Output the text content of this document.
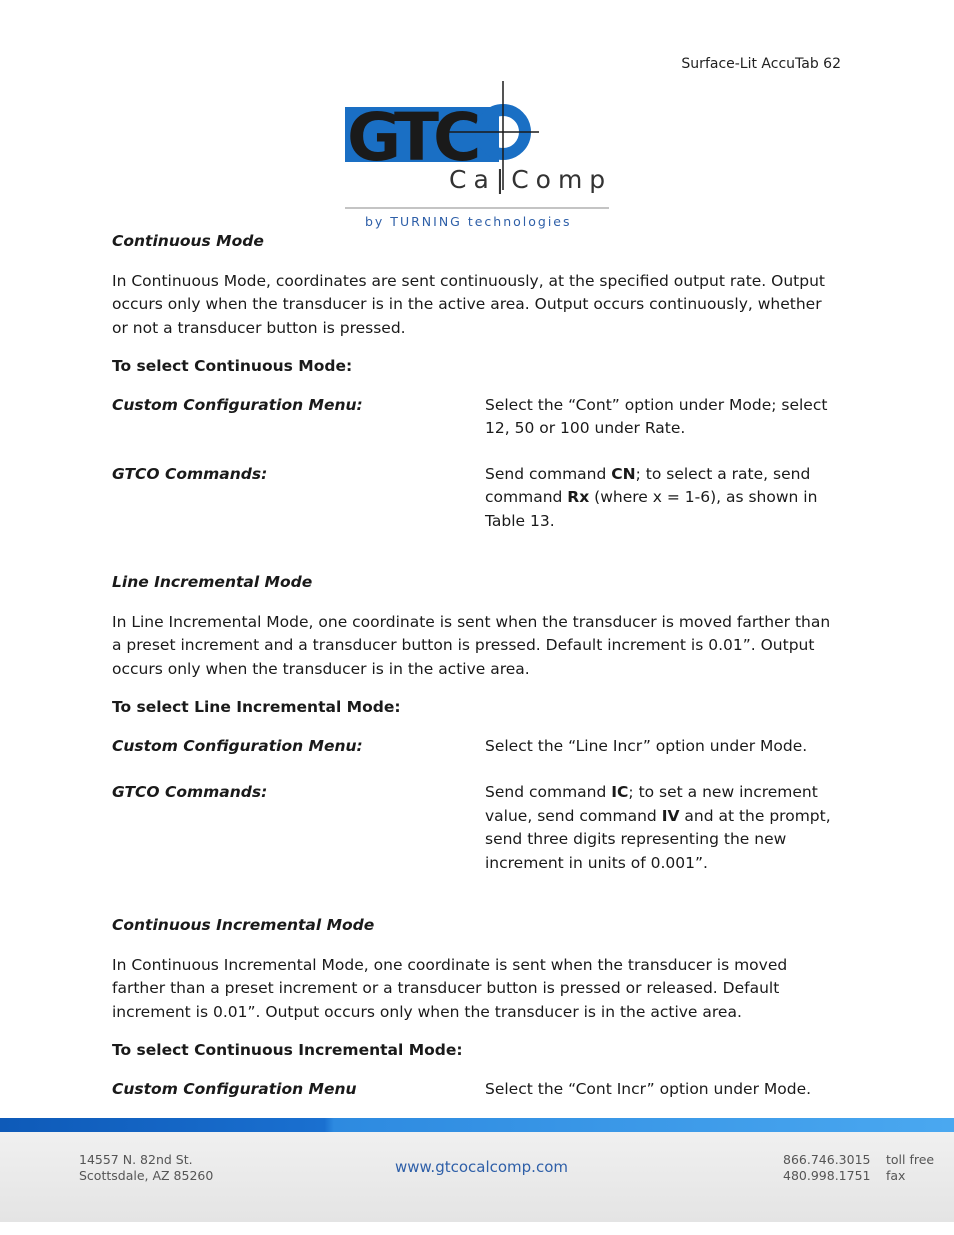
Surface-Lit AccuTab 62
GTC
Ca|Comp
by TURNING technologies

Continuous Mode

In Continuous Mode, coordinates are sent continuously, at the specified output rate. Output occurs only when the transducer is in the active area. Output occurs continuously, whether or not a transducer button is pressed.

To select Continuous Mode:

Custom Configuration Menu:	Select the “Cont” option under Mode; select 12, 50 or 100 under Rate.
GTCO Commands:	Send command CN; to select a rate, send command Rx (where x = 1-6), as shown in Table 13.

Line Incremental Mode

In Line Incremental Mode, one coordinate is sent when the transducer is moved farther than a preset increment and a transducer button is pressed. Default increment is 0.01”. Output occurs only when the transducer is in the active area.

To select Line Incremental Mode:

Custom Configuration Menu:	Select the “Line Incr” option under Mode.
GTCO Commands:	Send command IC; to set a new increment value, send command IV and at the prompt, send three digits representing the new increment in units of 0.001”.

Continuous Incremental Mode

In Continuous Incremental Mode, one coordinate is sent when the transducer is moved farther than a preset increment or a transducer button is pressed or released. Default increment is 0.01”. Output occurs only when the transducer is in the active area.

To select Continuous Incremental Mode:

Custom Configuration Menu	Select the “Cont Incr” option under Mode.
14557 N. 82nd St.
Scottsdale, AZ 85260	www.gtcocalcomp.com	866.746.3015
480.998.1751
toll free
fax
